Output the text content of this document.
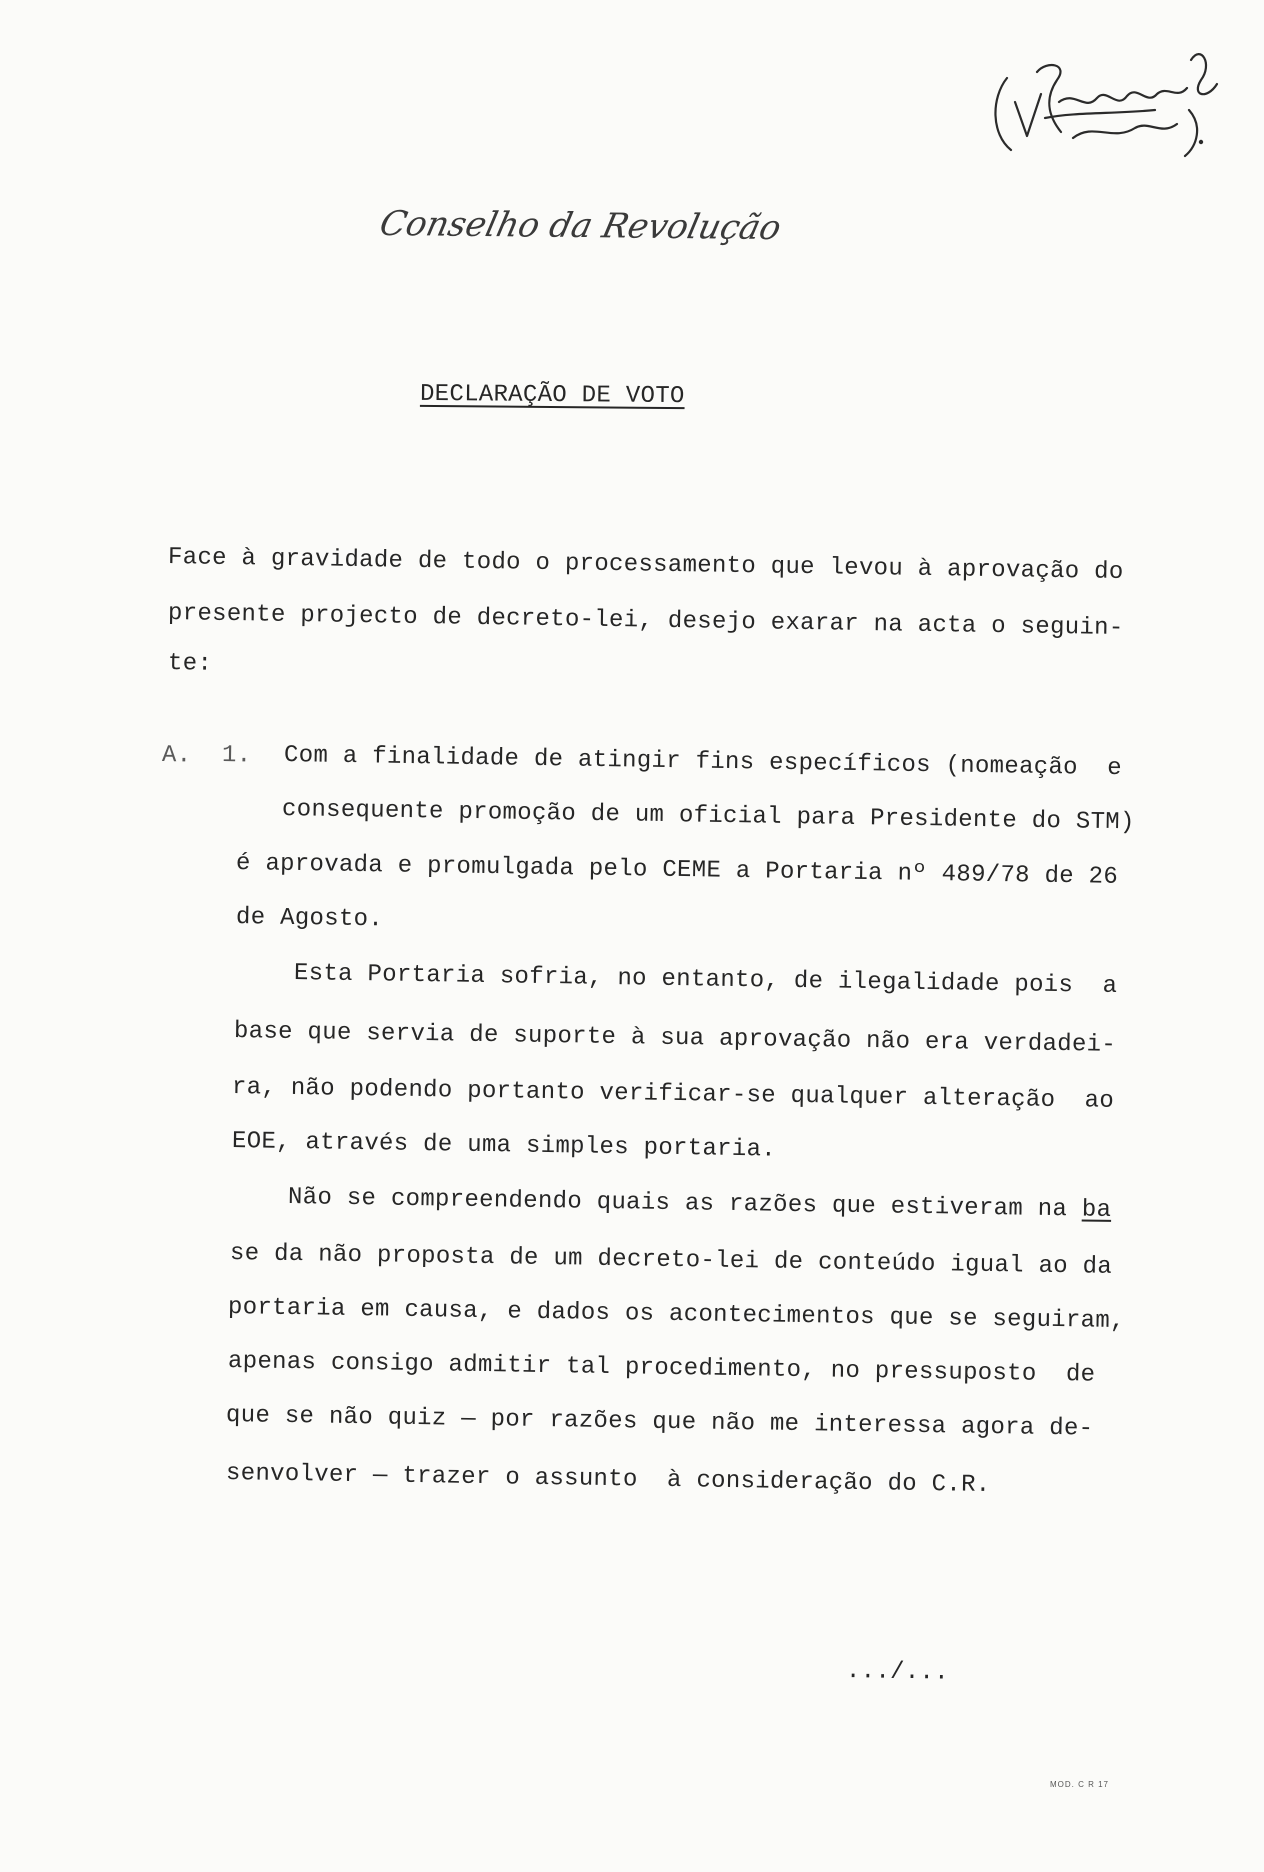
Conselho da Revolução
DECLARAÇÃO DE VOTO
Face à gravidade de todo o processamento que levou à aprovação do
presente projecto de decreto-lei, desejo exarar na acta o seguin-
te:
A. 1. Com a finalidade de atingir fins específicos (nomeação  e
consequente promoção de um oficial para Presidente do STM)
é aprovada e promulgada pelo CEME a Portaria nº 489/78 de 26
de Agosto.
Esta Portaria sofria, no entanto, de ilegalidade pois  a
base que servia de suporte à sua aprovação não era verdadei-
ra, não podendo portanto verificar-se qualquer alteração  ao
EOE, através de uma simples portaria.
Não se compreendendo quais as razões que estiveram na ba
se da não proposta de um decreto-lei de conteúdo igual ao da
portaria em causa, e dados os acontecimentos que se seguiram,
apenas consigo admitir tal procedimento, no pressuposto  de
que se não quiz — por razões que não me interessa agora de-
senvolver — trazer o assunto  à consideração do C.R.
.../...
MOD. C R 17
